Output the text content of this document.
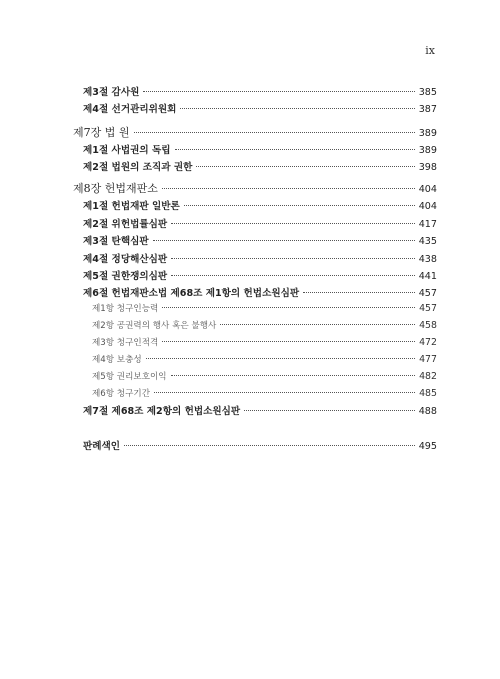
ix
제3절 감사원	385
제4절 선거관리위원회	387
제7장 법 원	389
제1절 사법권의 독립	389
제2절 법원의 조직과 권한	398
제8장 헌법재판소	404
제1절 헌법재판 일반론	404
제2절 위헌법률심판	417
제3절 탄핵심판	435
제4절 정당해산심판	438
제5절 권한쟁의심판	441
제6절 헌법재판소법 제68조 제1항의 헌법소원심판	457
제1항 청구인능력	457
제2항 공권력의 행사 혹은 불행사	458
제3항 청구인적격	472
제4항 보충성	477
제5항 권리보호이익	482
제6항 청구기간	485
제7절 제68조 제2항의 헌법소원심판	488
판례색인	495
